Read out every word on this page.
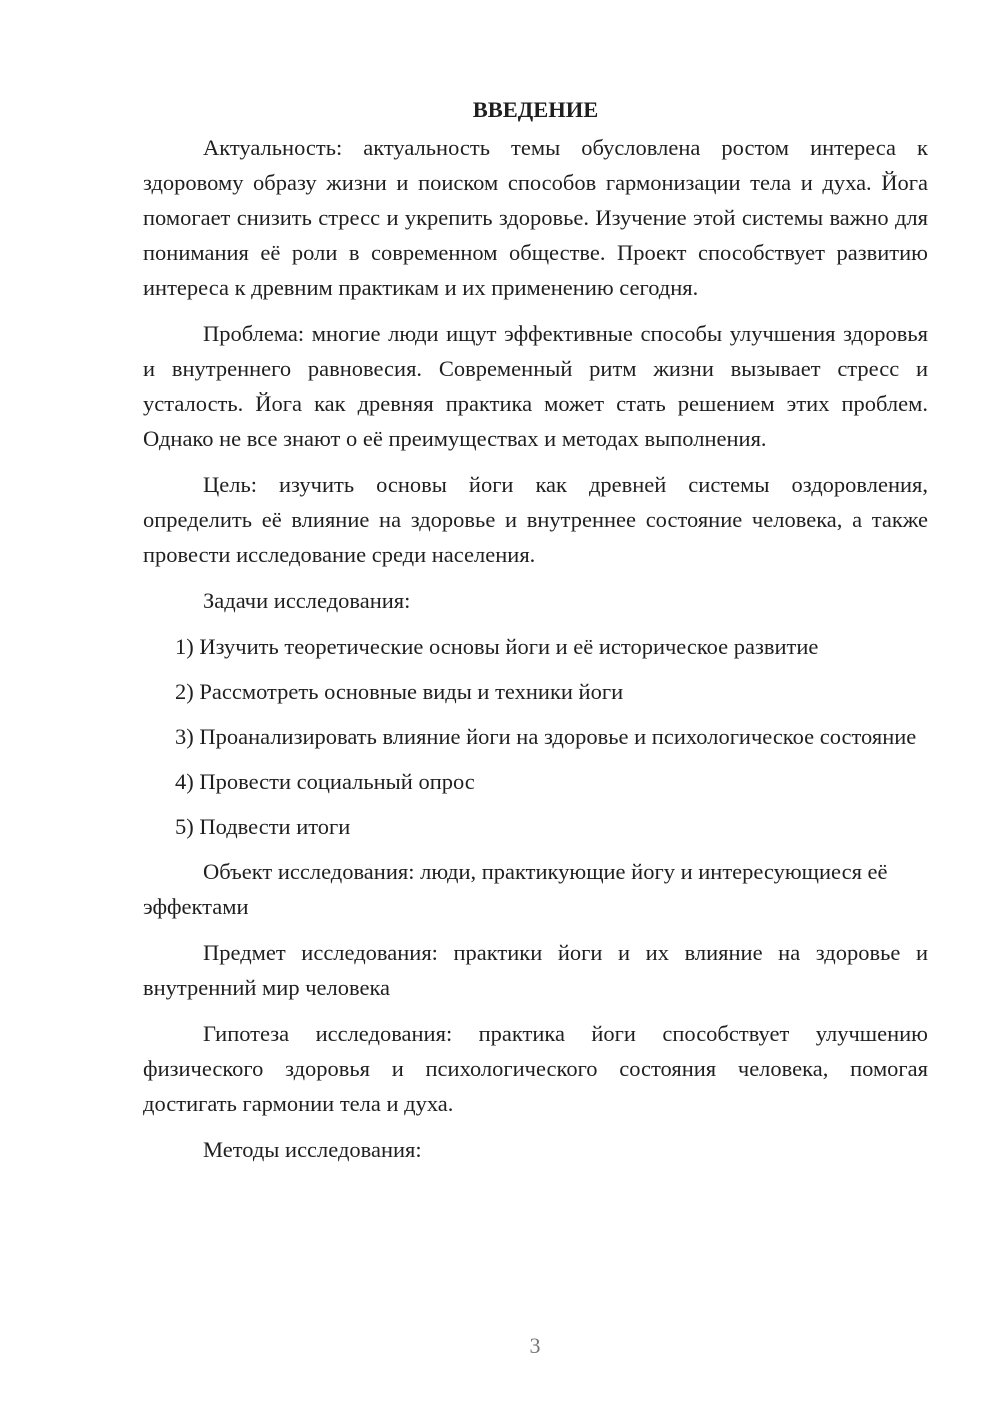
ВВЕДЕНИЕ

Актуальность: актуальность темы обусловлена ростом интереса к здоровому образу жизни и поиском способов гармонизации тела и духа. Йога помогает снизить стресс и укрепить здоровье. Изучение этой системы важно для понимания её роли в современном обществе. Проект способствует развитию интереса к древним практикам и их применению сегодня.

Проблема: многие люди ищут эффективные способы улучшения здоровья и внутреннего равновесия. Современный ритм жизни вызывает стресс и усталость. Йога как древняя практика может стать решением этих проблем. Однако не все знают о её преимуществах и методах выполнения.

Цель: изучить основы йоги как древней системы оздоровления, определить её влияние на здоровье и внутреннее состояние человека, а также провести исследование среди населения.

Задачи исследования:

1) Изучить теоретические основы йоги и её историческое развитие

2) Рассмотреть основные виды и техники йоги

3) Проанализировать влияние йоги на здоровье и психологическое состояние

4) Провести социальный опрос

5) Подвести итоги

Объект исследования: люди, практикующие йогу и интересующиеся её эффектами

Предмет исследования: практики йоги и их влияние на здоровье и внутренний мир человека

Гипотеза исследования: практика йоги способствует улучшению физического здоровья и психологического состояния человека, помогая достигать гармонии тела и духа.

Методы исследования:

3
